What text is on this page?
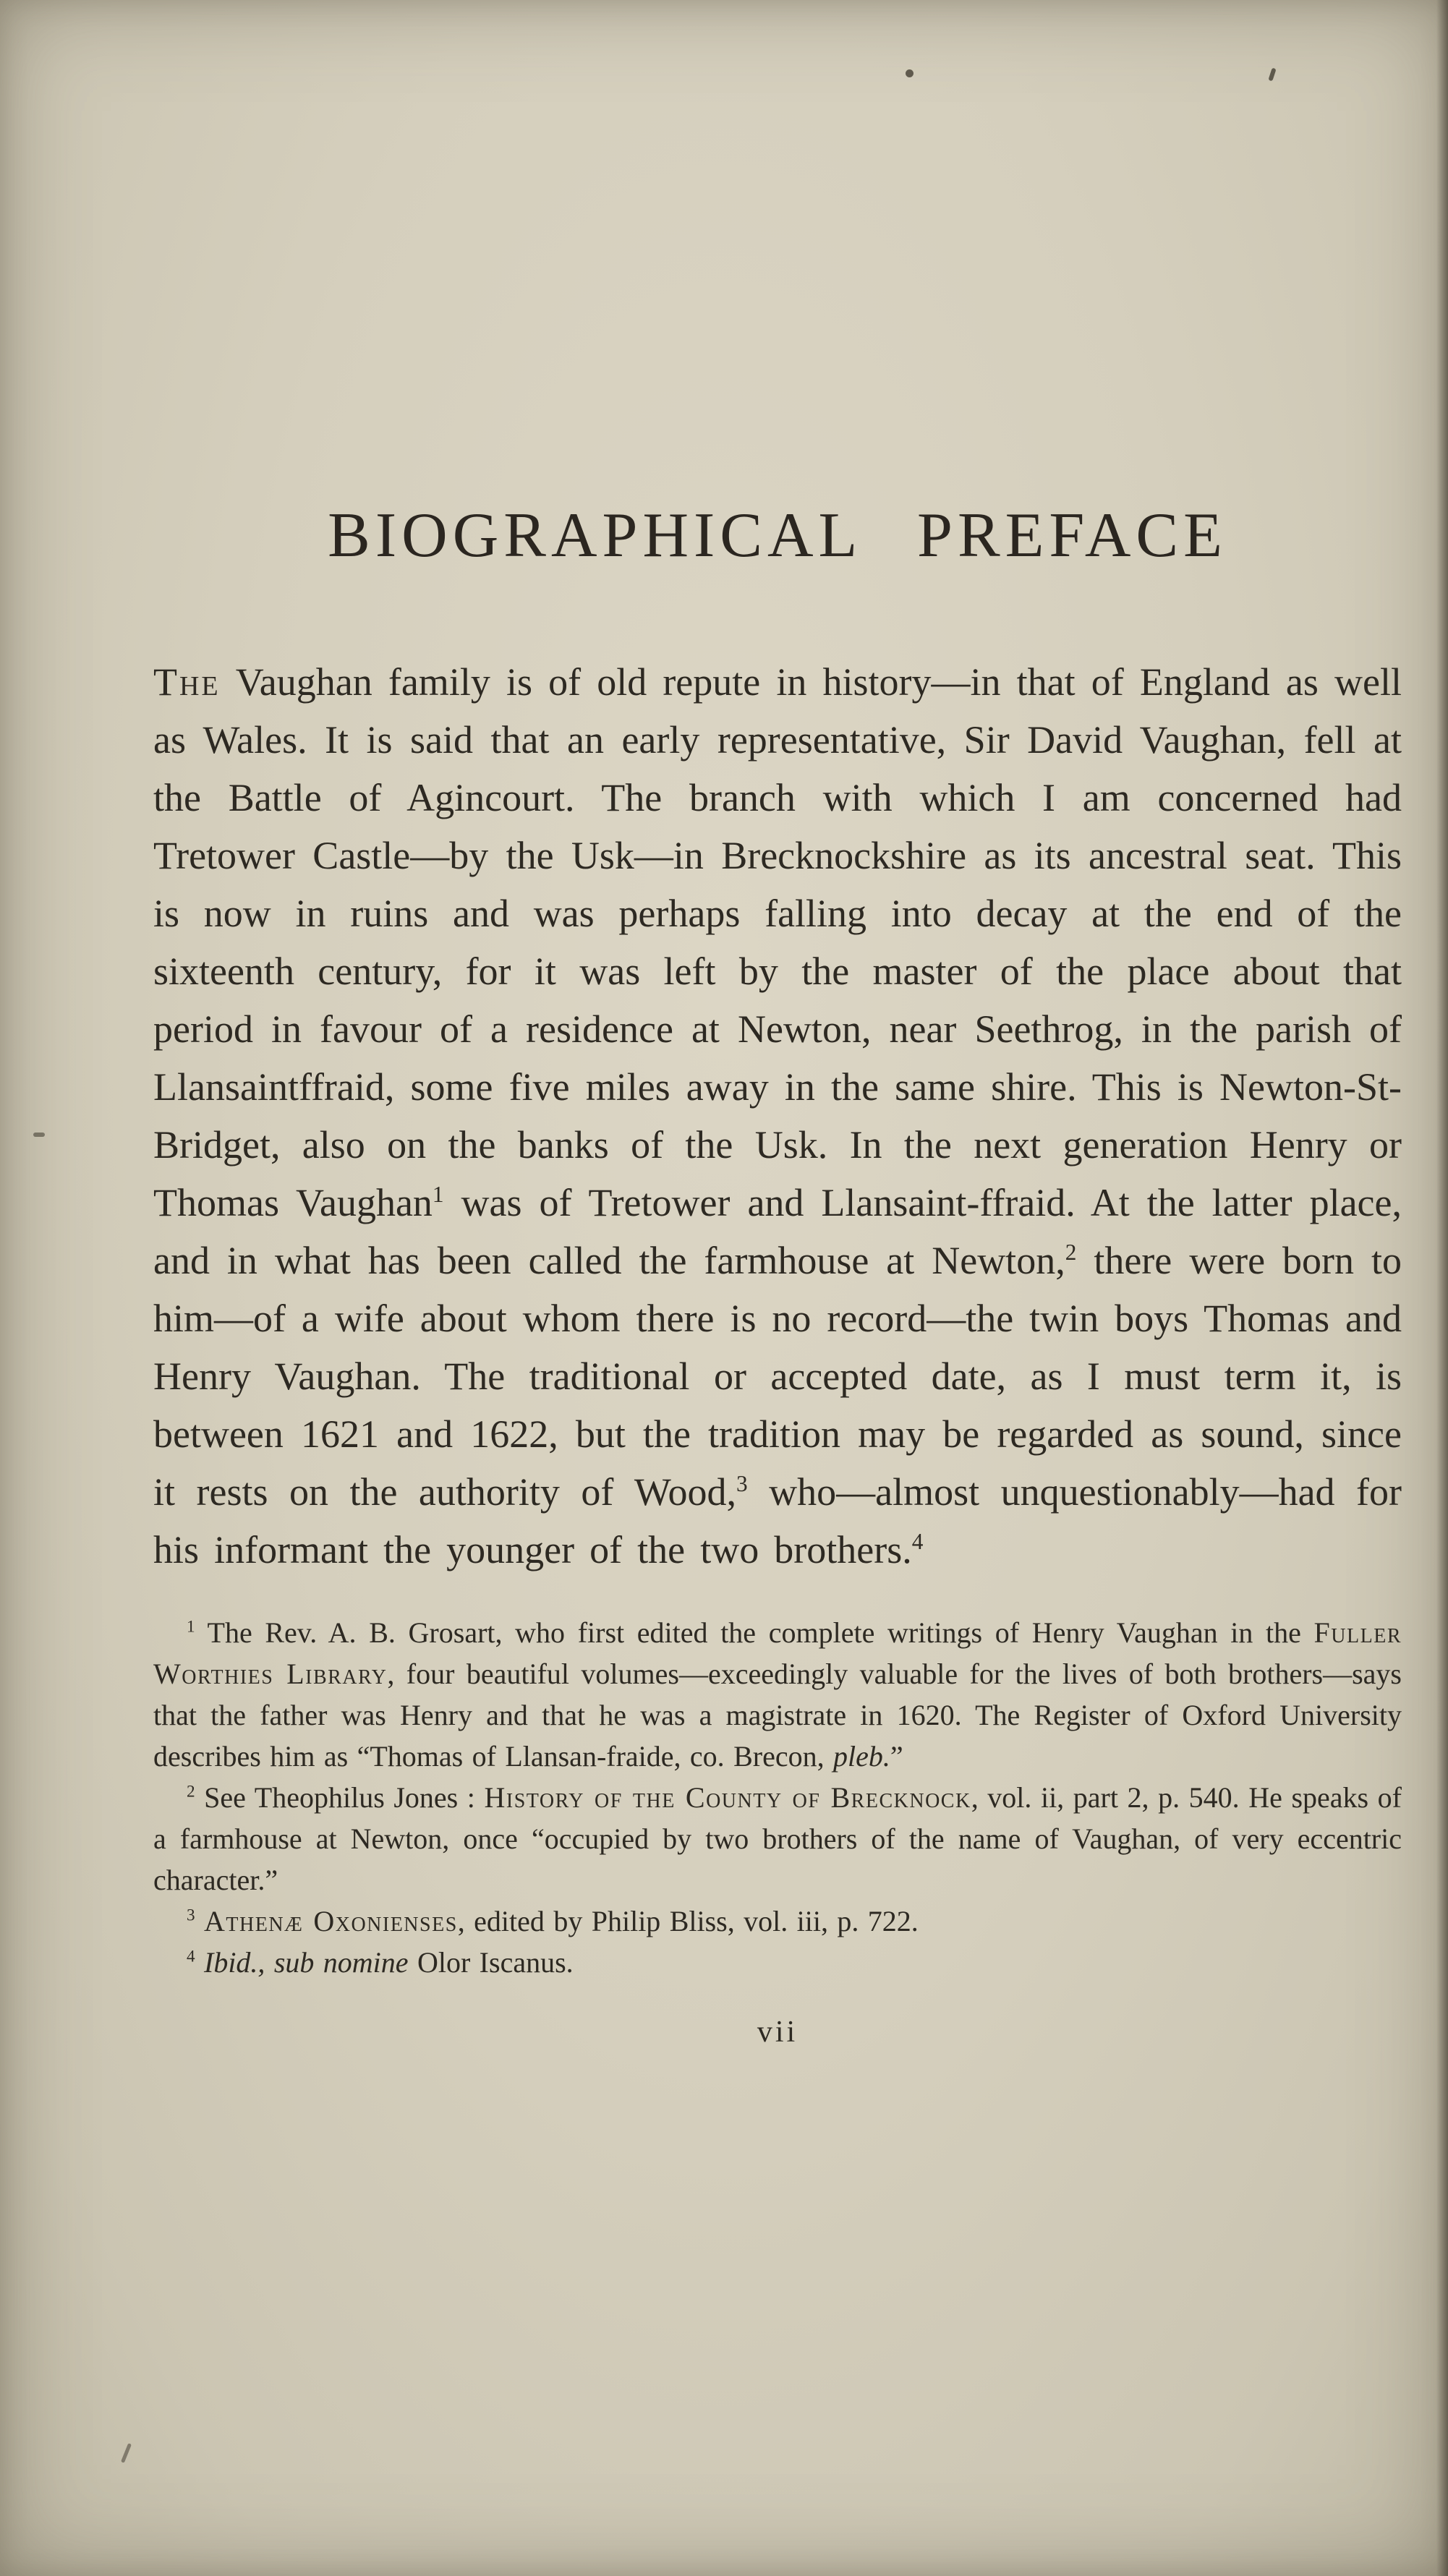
BIOGRAPHICAL PREFACE

The Vaughan family is of old repute in history—in that of England as well as Wales. It is said that an early representative, Sir David Vaughan, fell at the Battle of Agincourt. The branch with which I am concerned had Tretower Castle—by the Usk—in Brecknockshire as its ancestral seat. This is now in ruins and was perhaps falling into decay at the end of the sixteenth century, for it was left by the master of the place about that period in favour of a residence at Newton, near Seethrog, in the parish of Llansaintffraid, some five miles away in the same shire. This is Newton-St-Bridget, also on the banks of the Usk. In the next generation Henry or Thomas Vaughan$^1$ was of Tretower and Llansaint-ffraid. At the latter place, and in what has been called the farmhouse at Newton,$^2$ there were born to him—of a wife about whom there is no record—the twin boys Thomas and Henry Vaughan. The traditional or accepted date, as I must term it, is between 1621 and 1622, but the tradition may be regarded as sound, since it rests on the authority of Wood,$^3$ who—almost unquestionably—had for his informant the younger of the two brothers.$^4$

$^1$ The Rev. A. B. Grosart, who first edited the complete writings of Henry Vaughan in the Fuller Worthies Library, four beautiful volumes—exceedingly valuable for the lives of both brothers—says that the father was Henry and that he was a magistrate in 1620. The Register of Oxford University describes him as “Thomas of Llansan-fraide, co. Brecon, pleb.”

$^2$ See Theophilus Jones : History of the County of Brecknock, vol. ii, part 2, p. 540. He speaks of a farmhouse at Newton, once “occupied by two brothers of the name of Vaughan, of very eccentric character.”

$^3$ Athenæ Oxonienses, edited by Philip Bliss, vol. iii, p. 722.

$^4$ Ibid., sub nomine Olor Iscanus.

vii
